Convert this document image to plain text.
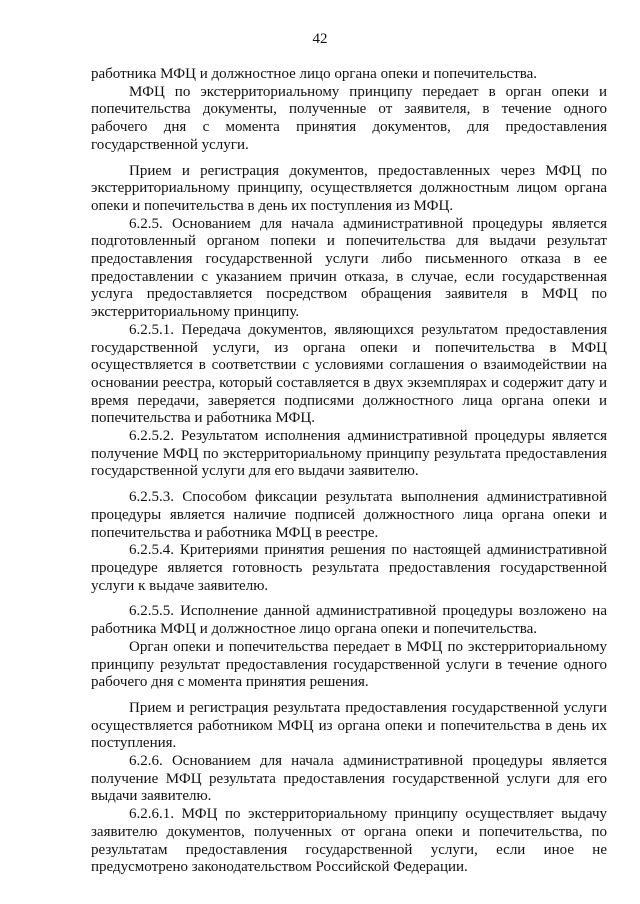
42

работника МФЦ и должностное лицо органа опеки и попечительства.

МФЦ по экстерриториальному принципу передает в орган опеки и попечительства документы, полученные от заявителя, в течение одного рабочего дня с момента принятия документов, для предоставления государственной услуги.

Прием и регистрация документов, предоставленных через МФЦ по экстерриториальному принципу, осуществляется должностным лицом органа опеки и попечительства в день их поступления из МФЦ.

6.2.5. Основанием для начала административной процедуры является подготовленный органом попеки и попечительства для выдачи результат предоставления государственной услуги либо письменного отказа в ее предоставлении с указанием причин отказа, в случае, если государственная услуга предоставляется посредством обращения заявителя в МФЦ по экстерриториальному принципу.

6.2.5.1. Передача документов, являющихся результатом предоставления государственной услуги, из органа опеки и попечительства в МФЦ осуществляется в соответствии с условиями соглашения о взаимодействии на основании реестра, который составляется в двух экземплярах и содержит дату и время передачи, заверяется подписями должностного лица органа опеки и попечительства и работника МФЦ.

6.2.5.2. Результатом исполнения административной процедуры является получение МФЦ по экстерриториальному принципу результата предоставления государственной услуги для его выдачи заявителю.

6.2.5.3. Способом фиксации результата выполнения административной процедуры является наличие подписей должностного лица органа опеки и попечительства и работника МФЦ в реестре.

6.2.5.4. Критериями принятия решения по настоящей административной процедуре является готовность результата предоставления государственной услуги к выдаче заявителю.

6.2.5.5. Исполнение данной административной процедуры возложено на работника МФЦ и должностное лицо органа опеки и попечительства.

Орган опеки и попечительства передает в МФЦ по экстерриториальному принципу результат предоставления государственной услуги в течение одного рабочего дня с момента принятия решения.

Прием и регистрация результата предоставления государственной услуги осуществляется работником МФЦ из органа опеки и попечительства в день их поступления.

6.2.6. Основанием для начала административной процедуры является получение МФЦ результата предоставления государственной услуги для его выдачи заявителю.

6.2.6.1. МФЦ по экстерриториальному принципу осуществляет выдачу заявителю документов, полученных от органа опеки и попечительства, по результатам предоставления государственной услуги, если иное не предусмотрено законодательством Российской Федерации.
